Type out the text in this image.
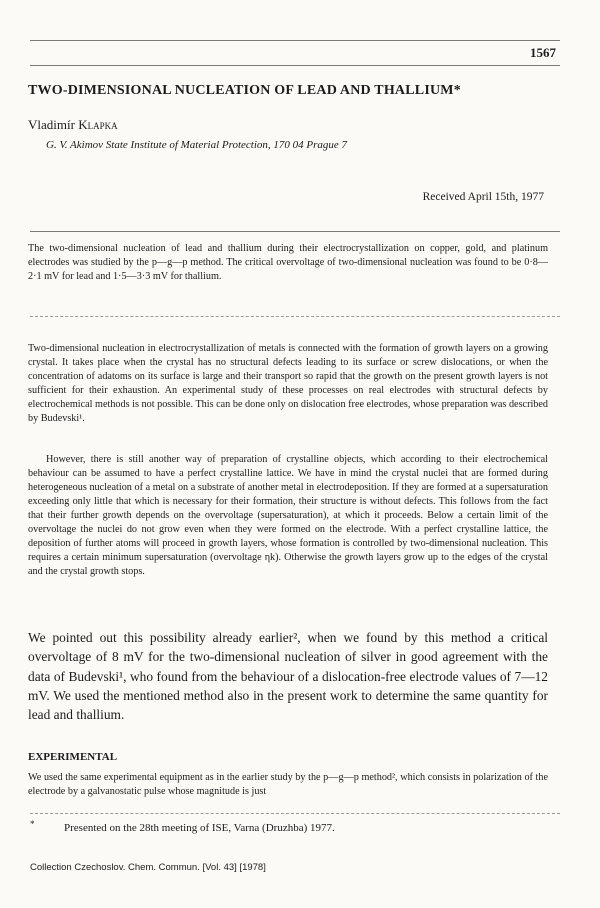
1567
TWO-DIMENSIONAL NUCLEATION OF LEAD AND THALLIUM*
Vladimír Klapka
G. V. Akimov State Institute of Material Protection, 170 04 Prague 7
Received April 15th, 1977

The two-dimensional nucleation of lead and thallium during their electrocrystallization on copper, gold, and platinum electrodes was studied by the p—g—p method. The critical overvoltage of two-dimensional nucleation was found to be 0·8—2·1 mV for lead and 1·5—3·3 mV for thallium.

Two-dimensional nucleation in electrocrystallization of metals is connected with the formation of growth layers on a growing crystal. It takes place when the crystal has no structural defects leading to its surface or screw dislocations, or when the concentration of adatoms on its surface is large and their transport so rapid that the growth on the present growth layers is not sufficient for their exhaustion. An experimental study of these processes on real electrodes with structural defects by electrochemical methods is not possible. This can be done only on dislocation free electrodes, whose preparation was described by Budevski¹.

However, there is still another way of preparation of crystalline objects, which according to their electrochemical behaviour can be assumed to have a perfect crystalline lattice. We have in mind the crystal nuclei that are formed during heterogeneous nucleation of a metal on a substrate of another metal in electrodeposition. If they are formed at a supersaturation exceeding only little that which is necessary for their formation, their structure is without defects. This follows from the fact that their further growth depends on the overvoltage (supersaturation), at which it proceeds. Below a certain limit of the overvoltage the nuclei do not grow even when they were formed on the electrode. With a perfect crystalline lattice, the deposition of further atoms will proceed in growth layers, whose formation is controlled by two-dimensional nucleation. This requires a certain minimum supersaturation (overvoltage ηk). Otherwise the growth layers grow up to the edges of the crystal and the crystal growth stops.

We pointed out this possibility already earlier², when we found by this method a critical overvoltage of 8 mV for the two-dimensional nucleation of silver in good agreement with the data of Budevski¹, who found from the behaviour of a dislocation-free electrode values of 7—12 mV. We used the mentioned method also in the present work to determine the same quantity for lead and thallium.

EXPERIMENTAL

We used the same experimental equipment as in the earlier study by the p—g—p method², which consists in polarization of the electrode by a galvanostatic pulse whose magnitude is just

*	Presented on the 28th meeting of ISE, Varna (Druzhba) 1977.
Collection Czechoslov. Chem. Commun. [Vol. 43] [1978]
